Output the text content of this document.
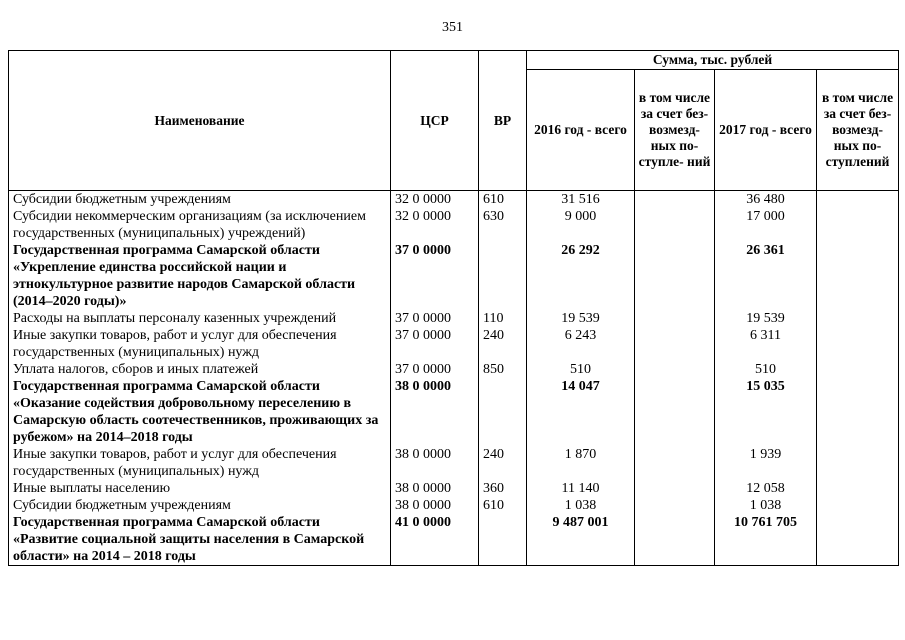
351
Наименование	ЦСР	ВР	Сумма, тыс. рублей			
			2016 год - всего	в том числе за счет без- возмезд- ных по- ступле- ний	2017 год - всего	в том числе за счет без- возмезд- ных по- ступлений
Субсидии бюджетным учреждениям	32 0 0000	610	31 516		36 480	
Субсидии некоммерческим организациям (за исключением государственных (муниципальных) учреждений)	32 0 0000	630	9 000		17 000	
Государственная программа Самарской области «Укрепление единства российской нации и этнокультурное развитие народов Самарской области (2014–2020 годы)»	37 0 0000		26 292		26 361	
Расходы на выплаты персоналу казенных учреждений	37 0 0000	110	19 539		19 539	
Иные закупки товаров, работ и услуг для обеспечения государственных (муниципальных) нужд	37 0 0000	240	6 243		6 311	
Уплата налогов, сборов и иных платежей	37 0 0000	850	510		510	
Государственная программа Самарской области «Оказание содействия добровольному переселению в Самарскую область соотечественников, проживающих за рубежом» на 2014–2018 годы	38 0 0000		14 047		15 035	
Иные закупки товаров, работ и услуг для обеспечения государственных (муниципальных) нужд	38 0 0000	240	1 870		1 939	
Иные выплаты населению	38 0 0000	360	11 140		12 058	
Субсидии бюджетным учреждениям	38 0 0000	610	1 038		1 038	
Государственная программа Самарской области «Развитие социальной защиты населения в Самарской области» на 2014 – 2018 годы	41 0 0000		9 487 001		10 761 705	
